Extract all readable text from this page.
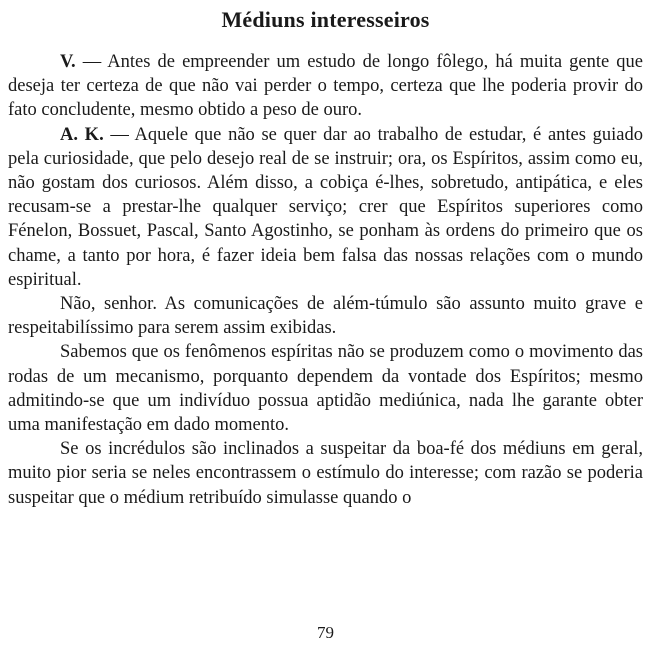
Médiuns interesseiros

V. — Antes de empreender um estudo de longo fôlego, há muita gente que deseja ter certeza de que não vai perder o tempo, certeza que lhe poderia provir do fato concludente, mesmo obtido a peso de ouro.

A. K. — Aquele que não se quer dar ao trabalho de estudar, é antes guiado pela curiosidade, que pelo desejo real de se instruir; ora, os Espíritos, assim como eu, não gostam dos curiosos. Além disso, a cobiça é-lhes, sobretudo, antipática, e eles recusam-se a prestar-lhe qualquer serviço; crer que Espíritos superiores como Fénelon, Bossuet, Pascal, Santo Agostinho, se ponham às ordens do primeiro que os chame, a tanto por hora, é fazer ideia bem falsa das nossas relações com o mundo espiritual.

Não, senhor. As comunicações de além-túmulo são assunto muito grave e respeitabilíssimo para serem assim exibidas.

Sabemos que os fenômenos espíritas não se produzem como o movimento das rodas de um mecanismo, porquanto dependem da vontade dos Espíritos; mesmo admitindo-se que um indivíduo possua aptidão mediúnica, nada lhe garante obter uma manifestação em dado momento.

Se os incrédulos são inclinados a suspeitar da boa-fé dos médiuns em geral, muito pior seria se neles encontrassem o estímulo do interesse; com razão se poderia suspeitar que o médium retribuído simulasse quando o

79
